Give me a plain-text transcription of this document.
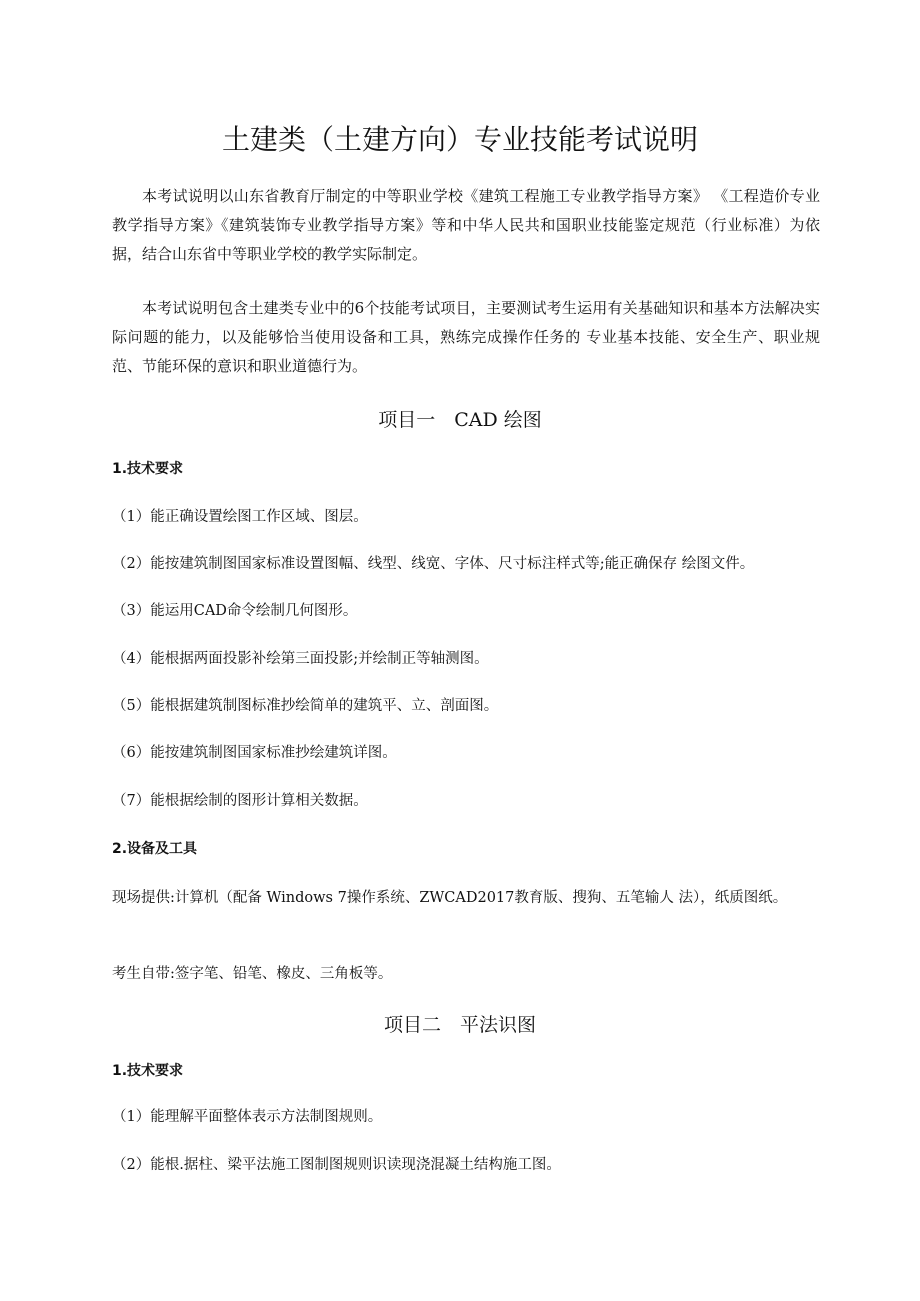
土建类（土建方向）专业技能考试说明
本考试说明以山东省教育厅制定的中等职业学校《建筑工程施工专业教学指导方案》 《工程造价专业教学指导方案》《建筑装饰专业教学指导方案》等和中华人民共和国职业技能鉴定规范（行业标准）为依据，结合山东省中等职业学校的教学实际制定。
本考试说明包含土建类专业中的6个技能考试项目，主要测试考生运用有关基础知识和基本方法解决实际问题的能力，以及能够恰当使用设备和工具，熟练完成操作任务的 专业基本技能、安全生产、职业规范、节能环保的意识和职业道德行为。
项目一　CAD 绘图
1.技术要求
（1）能正确设置绘图工作区域、图层。
（2）能按建筑制图国家标准设置图幅、线型、线宽、字体、尺寸标注样式等;能正确保存 绘图文件。
（3）能运用CAD命令绘制几何图形。
（4）能根据两面投影补绘第三面投影;并绘制正等轴测图。
（5）能根据建筑制图标准抄绘简单的建筑平、立、剖面图。
（6）能按建筑制图国家标准抄绘建筑详图。
（7）能根据绘制的图形计算相关数据。
2.设备及工具
现场提供:计算机（配备 Windows 7操作系统、ZWCAD2017教育版、搜狗、五笔输人 法），纸质图纸。
考生自带:签字笔、铅笔、橡皮、三角板等。
项目二　平法识图
1.技术要求
（1）能理解平面整体表示方法制图规则。
（2）能根.据柱、梁平法施工图制图规则识读现浇混凝土结构施工图。
